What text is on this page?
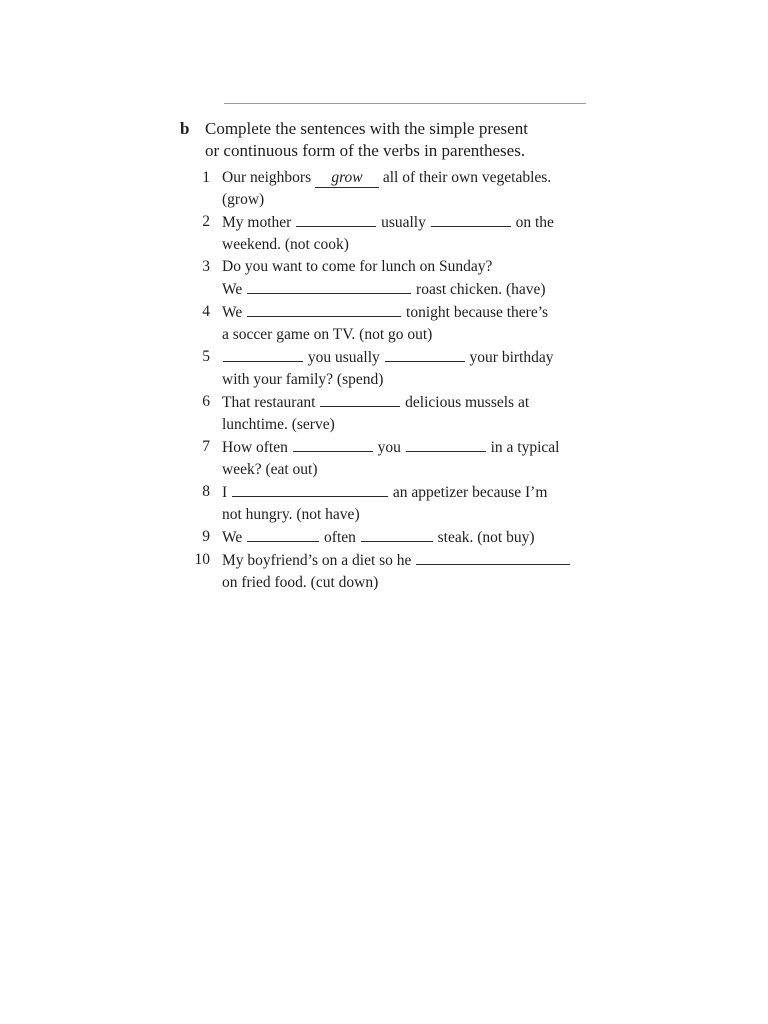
b Complete the sentences with the simple present
or continuous form of the verbs in parentheses.
1 Our neighbors grow all of their own vegetables.
(grow)
2 My mother	usually	on the
weekend. (not cook)
3 Do you want to come for lunch on Sunday?
We	roast chicken. (have)
4 We	tonight because there’s
a soccer game on TV. (not go out)
5	you usually	your birthday
with your family? (spend)
6 That restaurant	delicious mussels at
lunchtime. (serve)
7 How often	you	in a typical
week? (eat out)
8 I	an appetizer because I’m
not hungry. (not have)
9 We	often	steak. (not buy)
10 My boyfriend’s on a diet so he
on fried food. (cut down)
